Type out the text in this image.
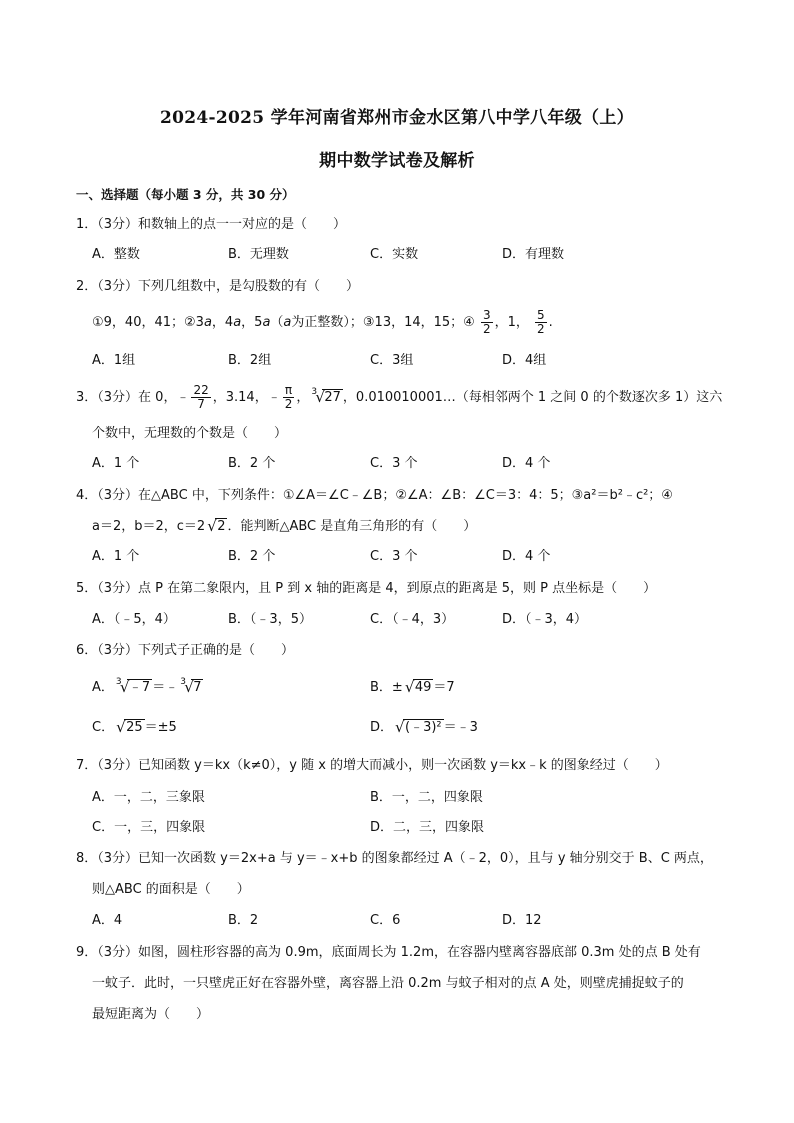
2024-2025 学年河南省郑州市金水区第八中学八年级（上）
期中数学试卷及解析
一、选择题（每小题 3 分，共 30 分）
1．（3分）和数轴上的点一一对应的是（　　）
A．整数	B．无理数	C．实数	D．有理数
2．（3分）下列几组数中，是勾股数的有（　　）
①9，40，41；②3a，4a，5a（a为正整数）；③13，14，15；④ $\frac{3}{2}$ ，1， $\frac{5}{2}$ .
A．1组	B．2组	C．3组	D．4组
3．（3分）在 0，﹣ $\frac{22}{7}$ ，3.14，﹣ $\frac{\pi}{2}$ ， 3
√ 27 ，0.010010001…（每相邻两个 1 之间 0 的个数逐次多 1）这六
个数中，无理数的个数是（　　）
A．1 个	B．2 个	C．3 个	D．4 个
4．（3分）在△ABC 中，下列条件：①∠A＝∠C﹣∠B；②∠A：∠B：∠C＝3：4：5；③a²＝b²﹣c²；④
a＝2，b＝2，c＝2 √ 2 ．能判断△ABC 是直角三角形的有（　　）
A．1 个	B．2 个	C．3 个	D．4 个
5．（3分）点 P 在第二象限内，且 P 到 x 轴的距离是 4，到原点的距离是 5，则 P 点坐标是（　　）
A．（﹣5，4）	B．（﹣3，5）	C．（﹣4，3）	D．（﹣3，4）
6．（3分）下列式子正确的是（　　）
A． 3
√ ﹣7 ＝﹣ 3
√ 7	B．± √ 49 ＝7
C． √ 25 ＝±5	D． √ (﹣3)² ＝﹣3
7．（3分）已知函数 y＝kx（k≠0），y 随 x 的增大而减小，则一次函数 y＝kx﹣k 的图象经过（　　）
A．一，二，三象限	B．一，二，四象限
C．一，三，四象限	D．二，三，四象限
8．（3分）已知一次函数 y＝2x+a 与 y＝﹣x+b 的图象都经过 A（﹣2，0），且与 y 轴分别交于 B、C 两点，
则△ABC 的面积是（　　）
A．4	B．2	C．6	D．12
9．（3分）如图，圆柱形容器的高为 0.9m，底面周长为 1.2m，在容器内壁离容器底部 0.3m 处的点 B 处有
一蚊子．此时，一只壁虎正好在容器外壁，离容器上沿 0.2m 与蚊子相对的点 A 处，则壁虎捕捉蚊子的
最短距离为（　　）
